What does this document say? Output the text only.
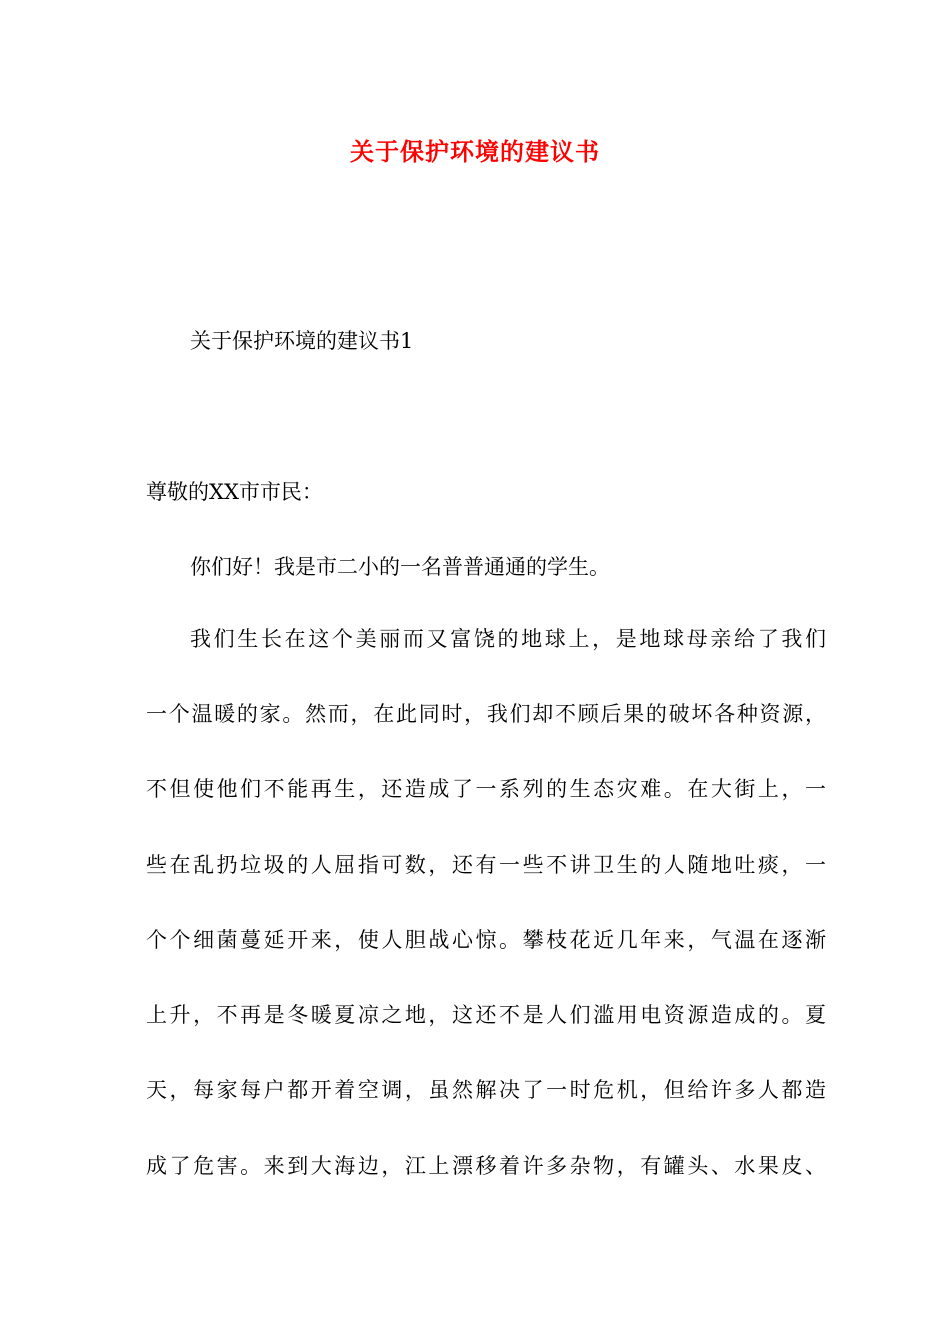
关于保护环境的建议书

关于保护环境的建议书1

尊敬的XX市市民：

你们好！我是市二小的一名普普通通的学生。

我们生长在这个美丽而又富饶的地球上，是地球母亲给了我们

一个温暖的家。然而，在此同时，我们却不顾后果的破坏各种资源，

不但使他们不能再生，还造成了一系列的生态灾难。在大街上，一

些在乱扔垃圾的人屈指可数，还有一些不讲卫生的人随地吐痰，一

个个细菌蔓延开来，使人胆战心惊。攀枝花近几年来，气温在逐渐

上升，不再是冬暖夏凉之地，这还不是人们滥用电资源造成的。夏

天，每家每户都开着空调，虽然解决了一时危机，但给许多人都造

成了危害。来到大海边，江上漂移着许多杂物，有罐头、水果皮、
